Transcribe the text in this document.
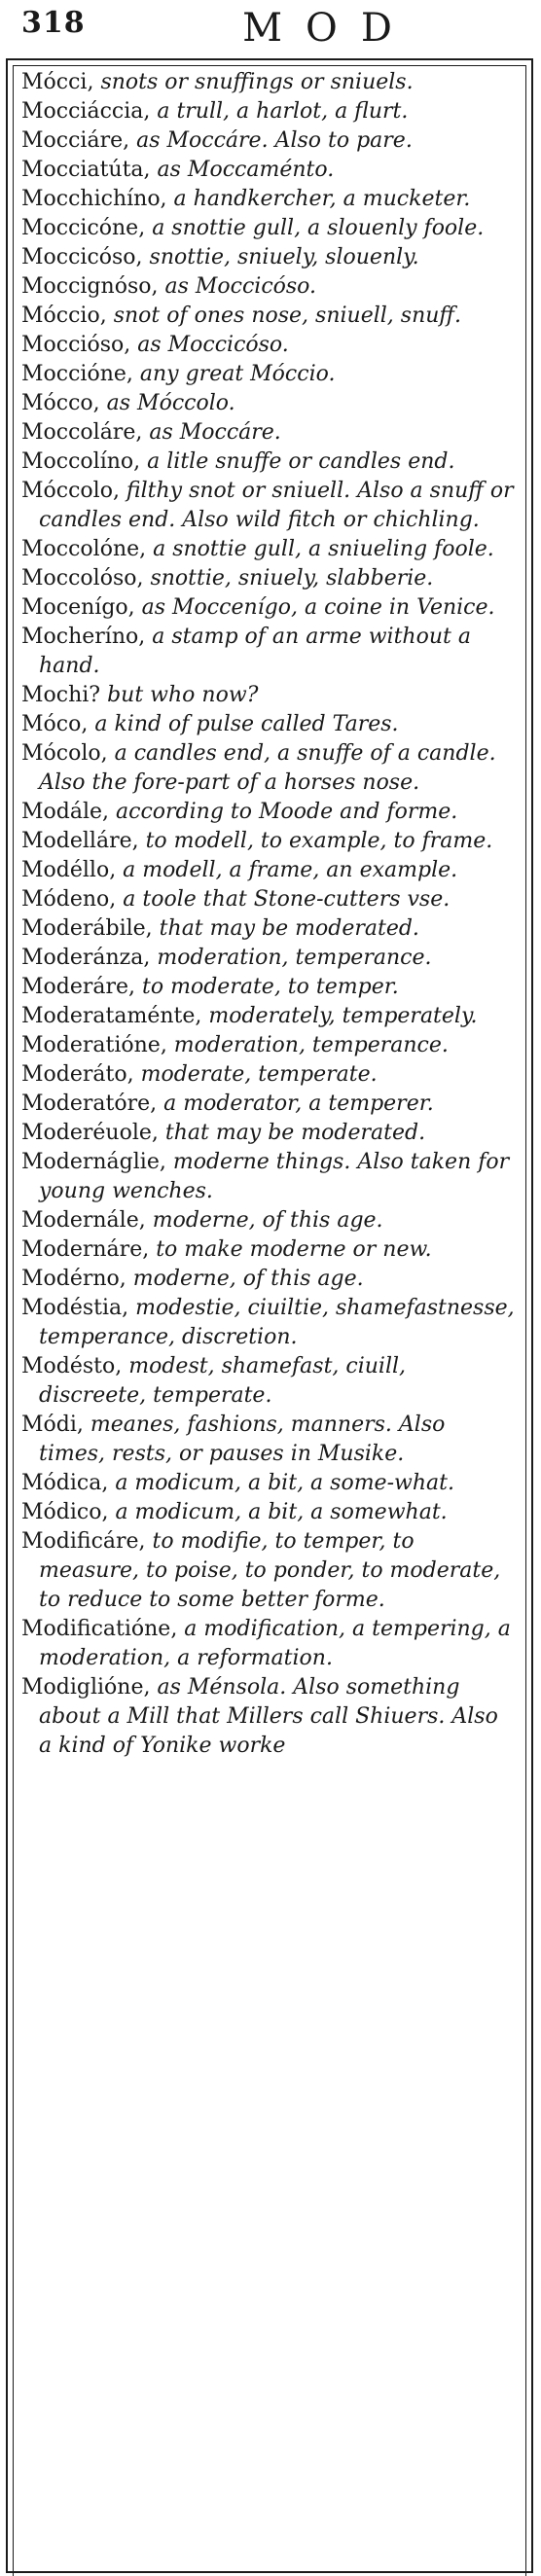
318	MOD

Mócci, snots or snuffings or sniuels.

Mocciáccia, a trull, a harlot, a flurt.

Mocciáre, as Moccáre. Also to pare.

Mocciatúta, as Moccaménto.

Mocchichíno, a handkercher, a mucketer.

Moccicóne, a snottie gull, a slouenly foole.

Moccicóso, snottie, sniuely, slouenly.

Moccignóso, as Moccicóso.

Móccio, snot of ones nose, sniuell, snuff.

Mocciόso, as Moccicóso.

Moccióne, any great Móccio.

Mócco, as Móccolo.

Moccoláre, as Moccáre.

Moccolíno, a litle snuffe or candles end.

Móccolo, filthy snot or sniuell. Also a snuff or candles end. Also wild fitch or chichling.

Moccolóne, a snottie gull, a sniueling foole.

Moccolóso, snottie, sniuely, slabberie.

Mocenígo, as Moccenígo, a coine in Venice.

Mocheríno, a stamp of an arme without a hand.

Mochi? but who now?

Móco, a kind of pulse called Tares.

Mócolo, a candles end, a snuffe of a candle. Also the fore-part of a horses nose.

Modále, according to Moode and forme.

Modelláre, to modell, to example, to frame.

Modéllo, a modell, a frame, an example.

Módeno, a toole that Stone-cutters vse.

Moderábile, that may be moderated.

Moderánza, moderation, temperance.

Moderáre, to moderate, to temper.

Moderataménte, moderately, temperately.

Moderatióne, moderation, temperance.

Moderáto, moderate, temperate.

Moderatóre, a moderator, a temperer.

Moderéuole, that may be moderated.

Modernáglie, moderne things. Also taken for young wenches.

Modernále, moderne, of this age.

Modernáre, to make moderne or new.

Modérno, moderne, of this age.

Modéstia, modestie, ciuiltie, shamefastnesse, temperance, discretion.

Modésto, modest, shamefast, ciuill, discreete, temperate.

Módi, meanes, fashions, manners. Also times, rests, or pauses in Musike.

Módica, a modicum, a bit, a some-what.

Módico, a modicum, a bit, a somewhat.

Modificáre, to modifie, to temper, to measure, to poise, to ponder, to moderate, to reduce to some better forme.

Modificatióne, a modification, a tempering, a moderation, a reformation.

Modiglióne, as Ménsola. Also something about a Mill that Millers call Shiuers. Also a kind of Yonike worke
